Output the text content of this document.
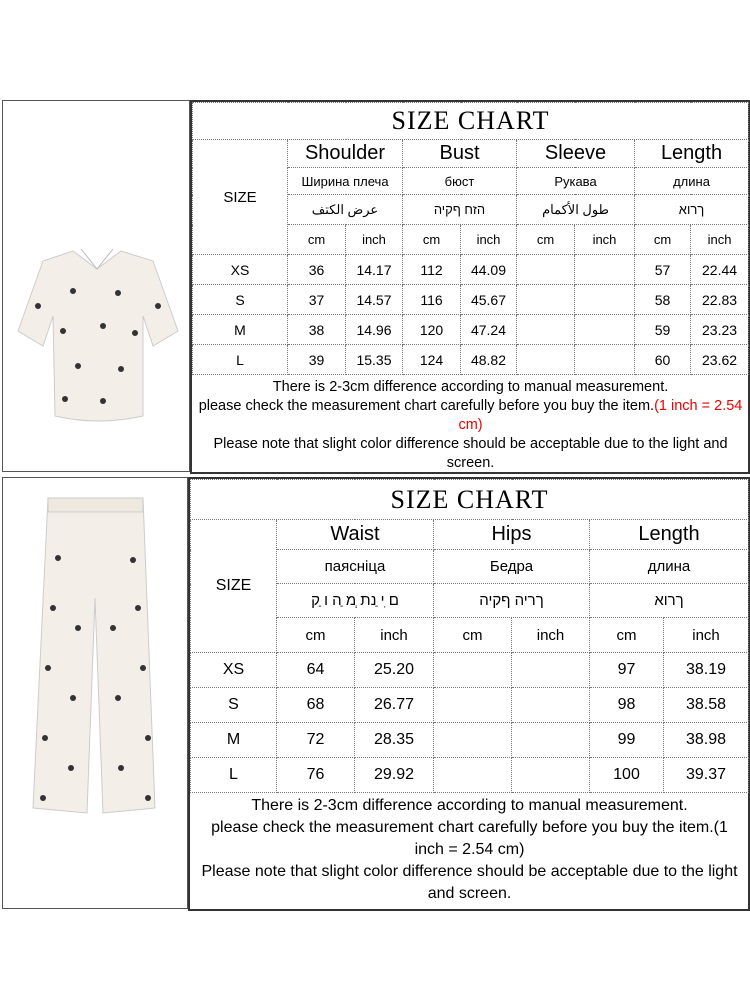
SIZE CHART								
SIZE	Shoulder		Bust		Sleeve		Length	
	Ширина плеча		бюст		Рукава		длина	
	عرض الكتف		הזח ףקיה		طول الأكمام		ךרוא	
	cm	inch	cm	inch	cm	inch	cm	inch
XS	36	14.17	112	44.09			57	22.44
S	37	14.57	116	45.67			58	22.83
M	38	14.96	120	47.24			59	23.23
L	39	15.35	124	48.82			60	23.62

There is 2-3cm difference according to manual measurement.
please check the measurement chart carefully before you buy the item.(1 inch = 2.54 cm)
Please note that slight color difference should be acceptable due to the light and screen.								
SIZE CHART						
SIZE	Waist		Hips		Length	
	паясніца		Бедра		длина	
	ם ִי ַנת ְמ ַה ו ַק		ךריה ףקיה		ךרוא	
	cm	inch	cm	inch	cm	inch
XS	64	25.20			97	38.19
S	68	26.77			98	38.58
M	72	28.35			99	38.98
L	76	29.92			100	39.37

There is 2-3cm difference according to manual measurement.
please check the measurement chart carefully before you buy the item.(1 inch = 2.54 cm)
Please note that slight color difference should be acceptable due to the light and screen.						
